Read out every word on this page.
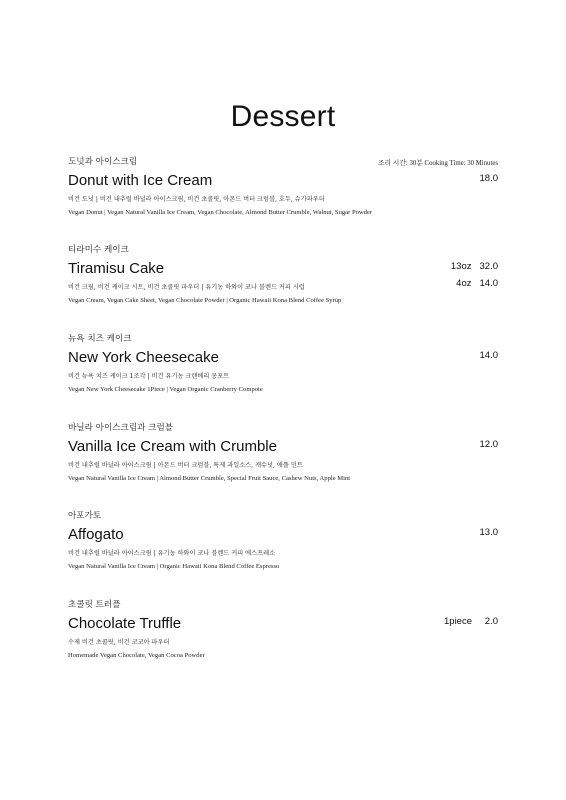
Dessert
조리 시간: 30분 Cooking Time: 30 Minutes
도넛과 아이스크림
Donut with Ice Cream
비건 도넛 | 비건 내추럴 바닐라 아이스크림, 비건 초콜릿, 아몬드 버터 크럼블, 호두, 슈가파우더
Vegan Donut | Vegan Natural Vanilla Ice Cream, Vegan Chocolate, Almond Butter Crumble, Walnut, Sugar Powder
18.0
티라미수 케이크
Tiramisu Cake
비건 크림, 비건 케이크 시트, 비건 초콜릿 파우더 | 유기농 하와이 코나 블렌드 커피 시럽
Vegan Cream, Vegan Cake Sheet, Vegan Chocolate Powder | Organic Hawaii Kona Blend Coffee Syrup
13oz 32.0
4oz 14.0
뉴욕 치즈 케이크
New York Cheesecake
비건 뉴욕 치즈 케이크 1조각 | 비건 유기농 크랜베리 콩포트
Vegan New York Cheesecake 1Piece | Vegan Organic Cranberry Compote
14.0
바닐라 아이스크림과 크럼블
Vanilla Ice Cream with Crumble
비건 내추럴 바닐라 아이스크림 | 아몬드 버터 크럼블, 특제 과일소스, 캐슈넛, 애플 민트
Vegan Natural Vanilla Ice Cream | Almond Butter Crumble, Special Fruit Sauce, Cashew Nuts, Apple Mint
12.0
아포가토
Affogato
비건 내추럴 바닐라 아이스크림 | 유기농 하와이 코나 블렌드 커피 에스프레소
Vegan Natural Vanilla Ice Cream | Organic Hawaii Kona Blend Coffee Espresso
13.0
초콜릿 트러플
Chocolate Truffle
수제 비건 초콜릿, 비건 코코아 파우더
Homemade Vegan Chocolate, Vegan Cocoa Powder
1piece 2.0
